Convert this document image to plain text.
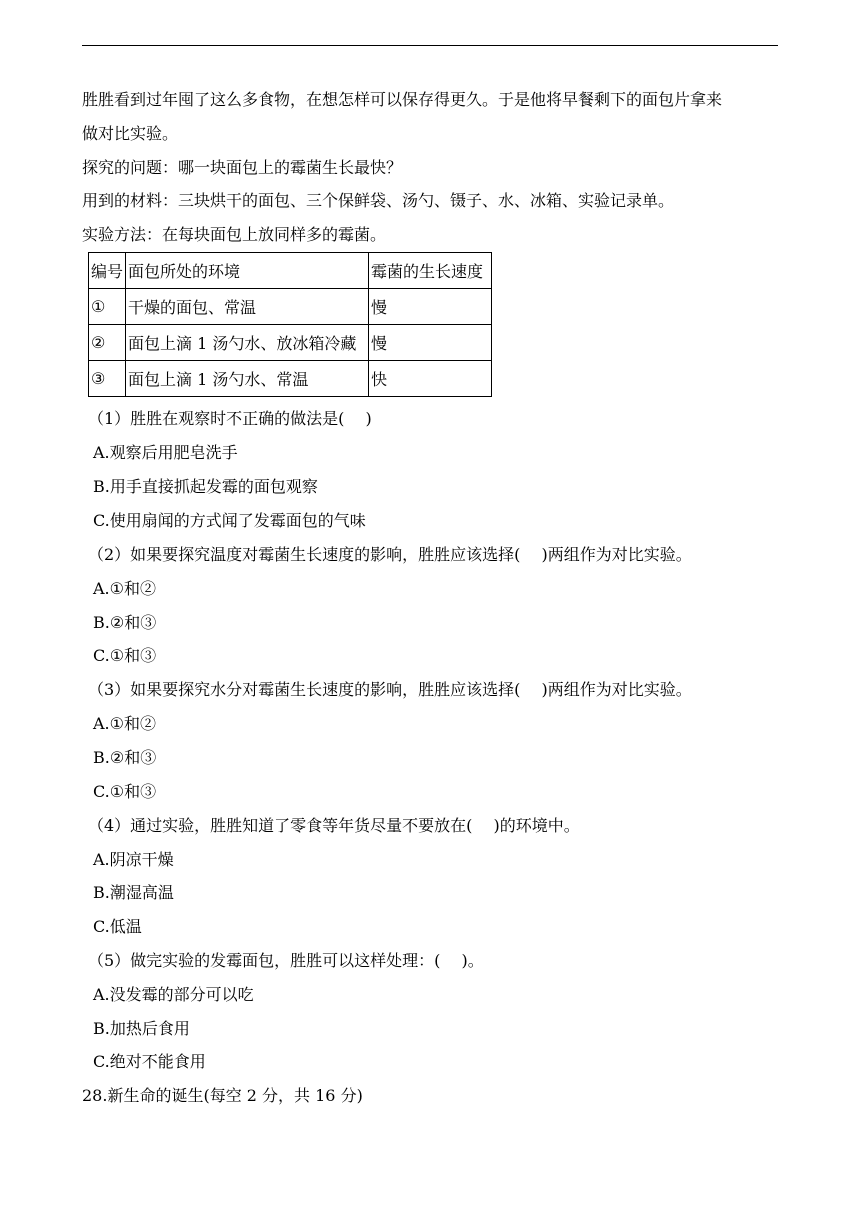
胜胜看到过年囤了这么多食物，在想怎样可以保存得更久。于是他将早餐剩下的面包片拿来
做对比实验。
探究的问题：哪一块面包上的霉菌生长最快？
用到的材料：三块烘干的面包、三个保鲜袋、汤勺、镊子、水、冰箱、实验记录单。
实验方法：在每块面包上放同样多的霉菌。
编号	面包所处的环境	霉菌的生长速度
①	干燥的面包、常温	慢
②	面包上滴 1 汤勺水、放冰箱冷藏	慢
③	面包上滴 1 汤勺水、常温	快
（1）胜胜在观察时不正确的做法是(　 )
A.观察后用肥皂洗手
B.用手直接抓起发霉的面包观察
C.使用扇闻的方式闻了发霉面包的气味
（2）如果要探究温度对霉菌生长速度的影响，胜胜应该选择(　 )两组作为对比实验。
A.①和②
B.②和③
C.①和③
（3）如果要探究水分对霉菌生长速度的影响，胜胜应该选择(　 )两组作为对比实验。
A.①和②
B.②和③
C.①和③
（4）通过实验，胜胜知道了零食等年货尽量不要放在(　 )的环境中。
A.阴凉干燥
B.潮湿高温
C.低温
（5）做完实验的发霉面包，胜胜可以这样处理：(　 )。
A.没发霉的部分可以吃
B.加热后食用
C.绝对不能食用
28.新生命的诞生(每空 2 分，共 16 分)
